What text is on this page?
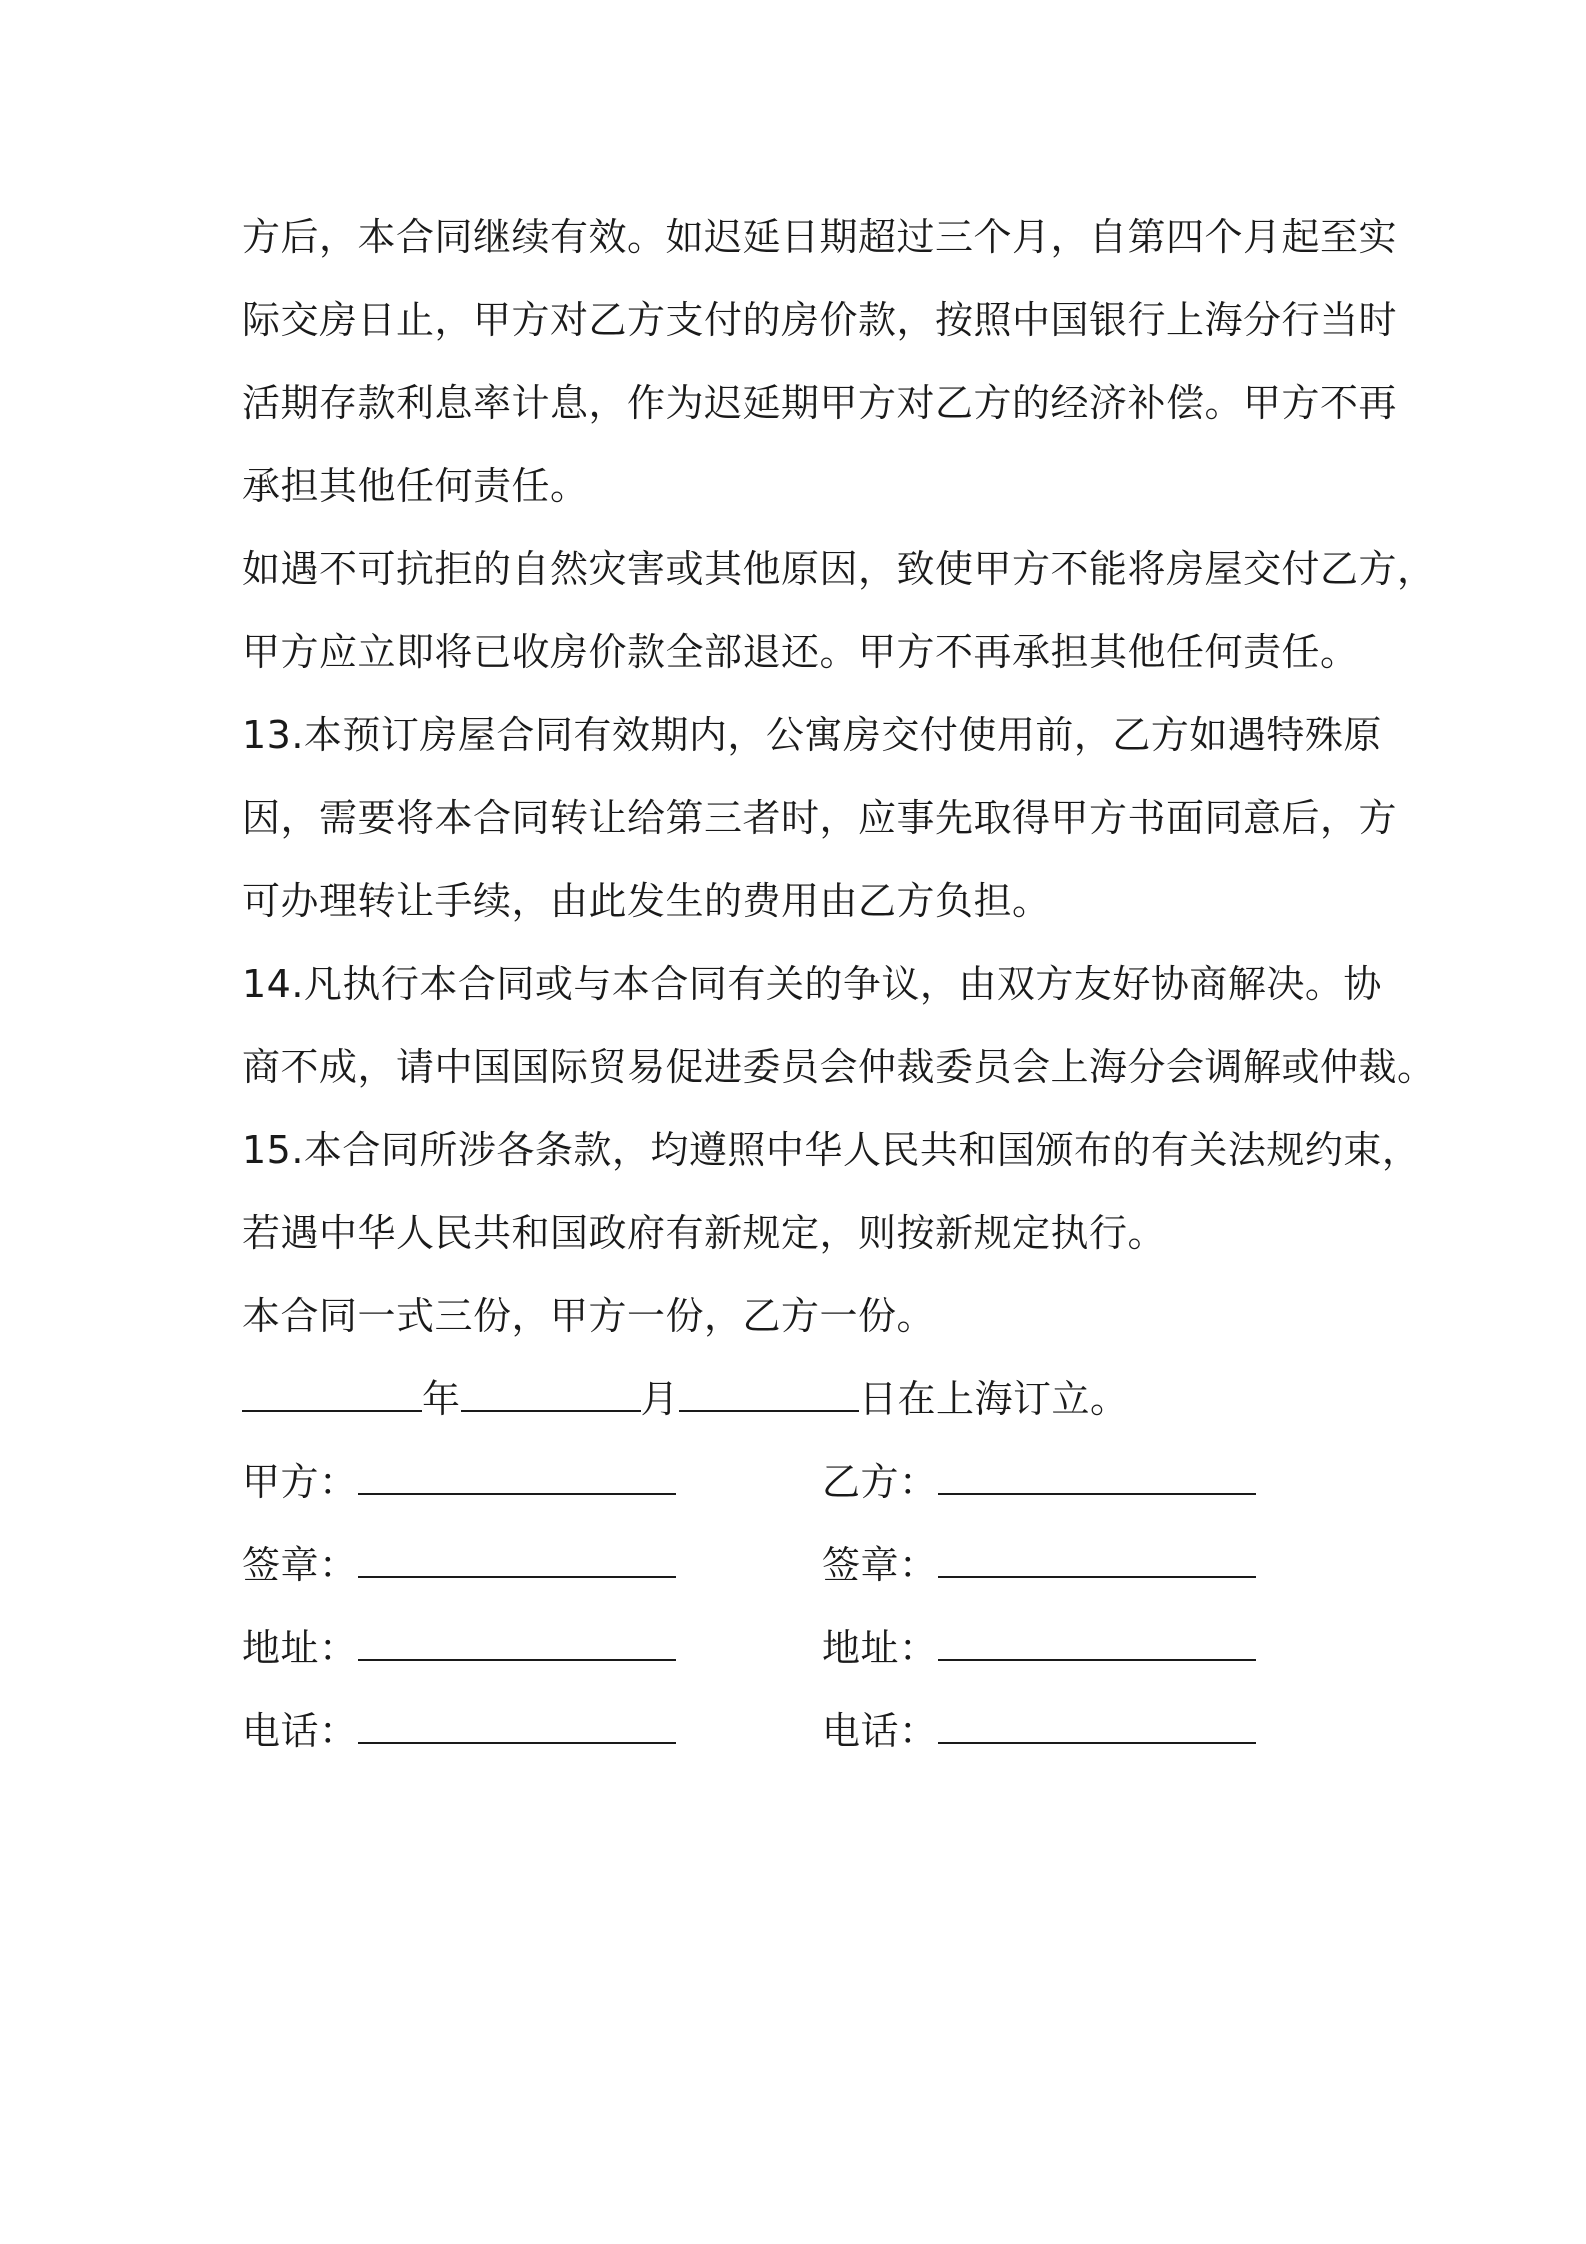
方后，本合同继续有效。如迟延日期超过三个月，自第四个月起至实
际交房日止，甲方对乙方支付的房价款，按照中国银行上海分行当时
活期存款利息率计息，作为迟延期甲方对乙方的经济补偿。甲方不再
承担其他任何责任。
如遇不可抗拒的自然灾害或其他原因，致使甲方不能将房屋交付乙方，
甲方应立即将已收房价款全部退还。甲方不再承担其他任何责任。
13.本预订房屋合同有效期内，公寓房交付使用前，乙方如遇特殊原
因，需要将本合同转让给第三者时，应事先取得甲方书面同意后，方
可办理转让手续，由此发生的费用由乙方负担。
14.凡执行本合同或与本合同有关的争议，由双方友好协商解决。协
商不成，请中国国际贸易促进委员会仲裁委员会上海分会调解或仲裁。
15.本合同所涉各条款，均遵照中华人民共和国颁布的有关法规约束，
若遇中华人民共和国政府有新规定，则按新规定执行。
本合同一式三份，甲方一份，乙方一份。
年	月	日在上海订立。
甲方：	乙方：
签章：	签章：
地址：	地址：
电话：	电话：
